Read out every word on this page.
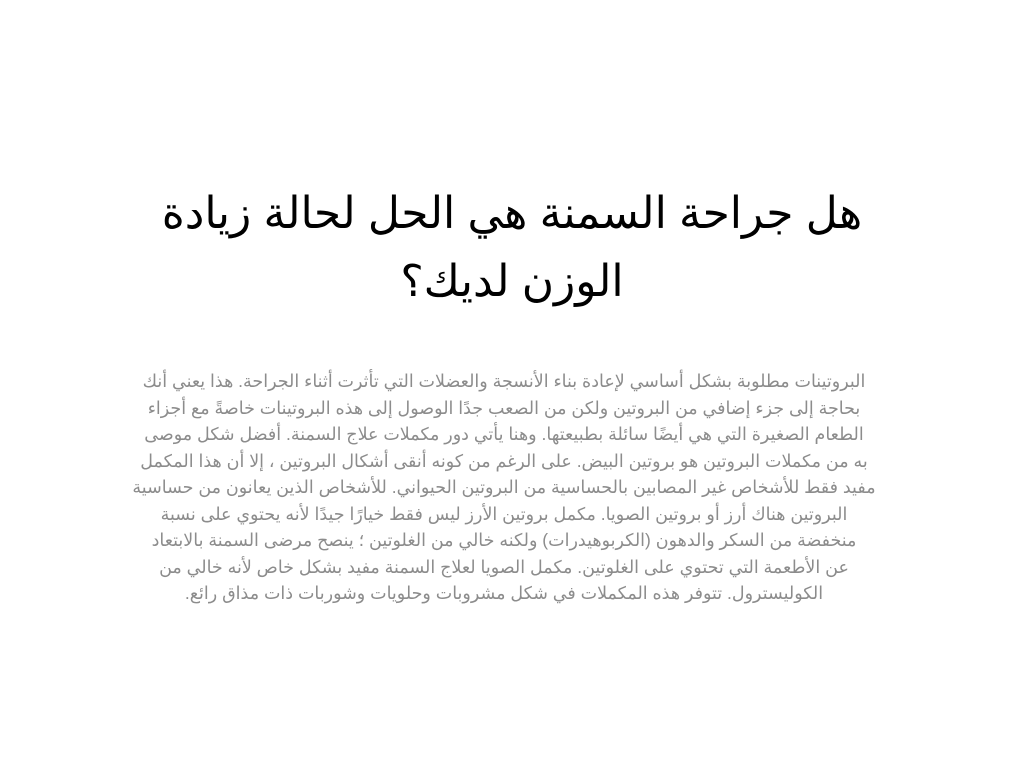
هل جراحة السمنة هي الحل لحالة زيادة
الوزن لديك؟
البروتينات مطلوبة بشكل أساسي لإعادة بناء الأنسجة والعضلات التي تأثرت أثناء الجراحة. هذا يعني أنك
بحاجة إلى جزء إضافي من البروتين ولكن من الصعب جدًا الوصول إلى هذه البروتينات خاصةً مع أجزاء
الطعام الصغيرة التي هي أيضًا سائلة بطبيعتها. وهنا يأتي دور مكملات علاج السمنة. أفضل شكل موصى
به من مكملات البروتين هو بروتين البيض. على الرغم من كونه أنقى أشكال البروتين ، إلا أن هذا المكمل
مفيد فقط للأشخاص غير المصابين بالحساسية من البروتين الحيواني. للأشخاص الذين يعانون من حساسية
البروتين هناك أرز أو بروتين الصويا. مكمل بروتين الأرز ليس فقط خيارًا جيدًا لأنه يحتوي على نسبة
منخفضة من السكر والدهون (الكربوهيدرات) ولكنه خالي من الغلوتين ؛ ينصح مرضى السمنة بالابتعاد
عن الأطعمة التي تحتوي على الغلوتين. مكمل الصويا لعلاج السمنة مفيد بشكل خاص لأنه خالي من
الكوليسترول. تتوفر هذه المكملات في شكل مشروبات وحلويات وشوربات ذات مذاق رائع.
